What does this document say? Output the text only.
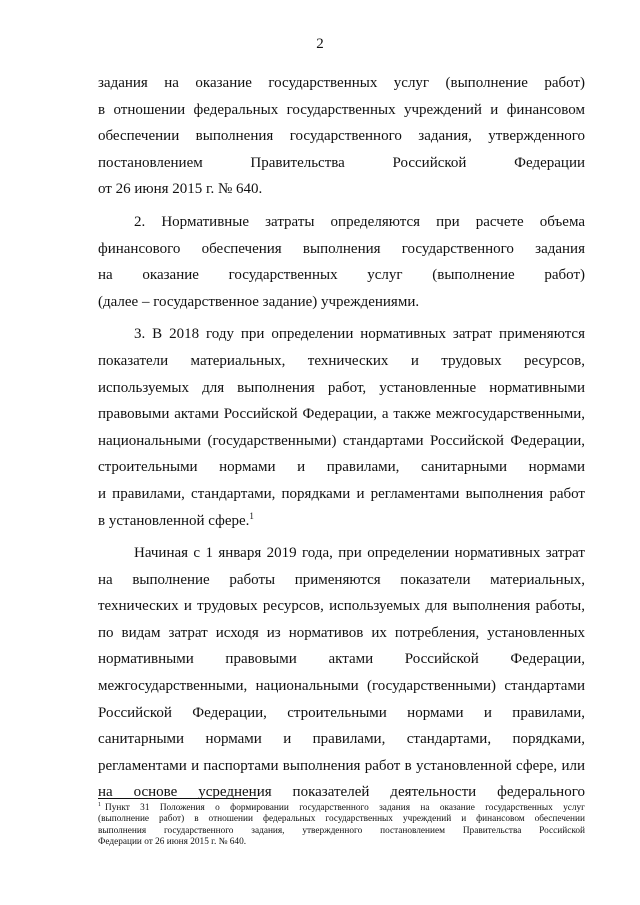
2
задания на оказание государственных услуг (выполнение работ)
в отношении федеральных государственных учреждений и финансовом
обеспечении выполнения государственного задания, утвержденного
постановлением Правительства Российской Федерации
от 26 июня 2015 г. № 640.
2. Нормативные затраты определяются при расчете объема
финансового обеспечения выполнения государственного задания
на оказание государственных услуг (выполнение работ)
(далее – государственное задание) учреждениями.
3. В 2018 году при определении нормативных затрат применяются
показатели материальных, технических и трудовых ресурсов,
используемых для выполнения работ, установленные нормативными
правовыми актами Российской Федерации, а также межгосударственными,
национальными (государственными) стандартами Российской Федерации,
строительными нормами и правилами, санитарными нормами
и правилами, стандартами, порядками и регламентами выполнения работ
в установленной сфере.$^1$
Начиная с 1 января 2019 года, при определении нормативных затрат
на выполнение работы применяются показатели материальных,
технических и трудовых ресурсов, используемых для выполнения работы,
по видам затрат исходя из нормативов их потребления, установленных
нормативными правовыми актами Российской Федерации,
межгосударственными, национальными (государственными) стандартами
Российской Федерации, строительными нормами и правилами,
санитарными нормами и правилами, стандартами, порядками,
регламентами и паспортами выполнения работ в установленной сфере, или
на основе усреднения показателей деятельности федерального
$^1$ Пункт 31 Положения о формировании государственного задания на оказание государственных услуг
(выполнение работ) в отношении федеральных государственных учреждений и финансовом обеспечении
выполнения государственного задания, утвержденного постановлением Правительства Российской
Федерации от 26 июня 2015 г. № 640.
